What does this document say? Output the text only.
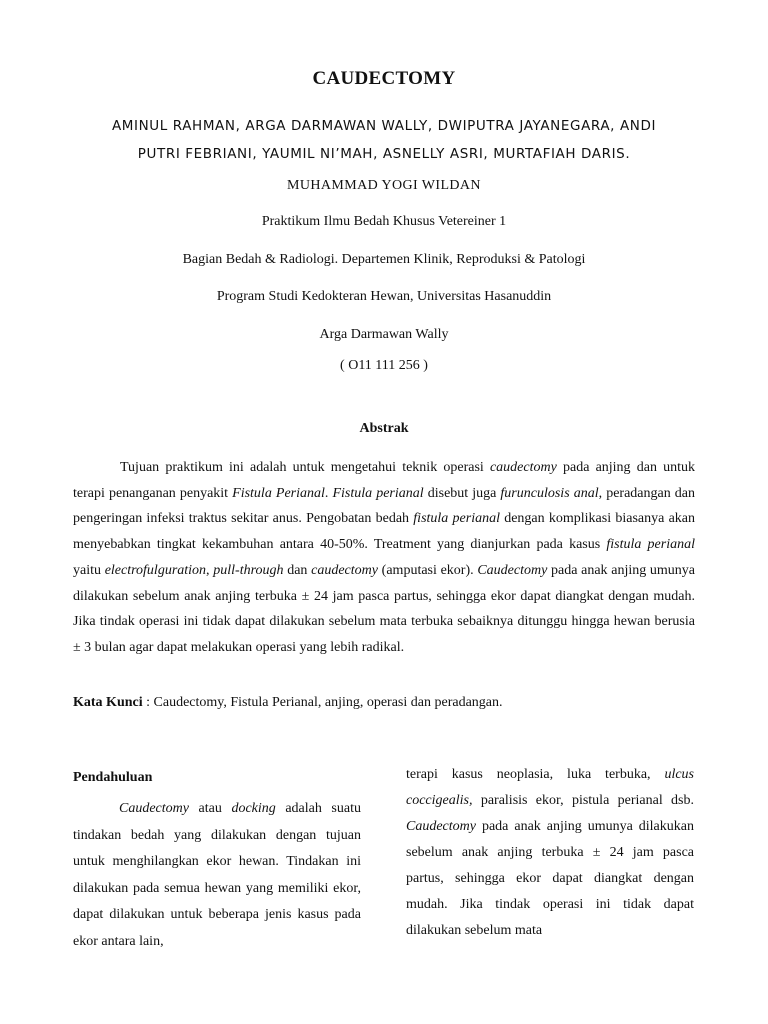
CAUDECTOMY
AMINUL RAHMAN, ARGA DARMAWAN WALLY, DWIPUTRA JAYANEGARA, ANDI
PUTRI FEBRIANI, YAUMIL NI’MAH, ASNELLY ASRI, MURTAFIAH DARIS.
MUHAMMAD YOGI WILDAN
Praktikum Ilmu Bedah Khusus Vetereiner 1
Bagian Bedah & Radiologi. Departemen Klinik, Reproduksi & Patologi
Program Studi Kedokteran Hewan, Universitas Hasanuddin
Arga Darmawan Wally
( O11 111 256 )
Abstrak
Tujuan praktikum ini adalah untuk mengetahui teknik operasi caudectomy pada anjing dan untuk terapi penanganan penyakit Fistula Perianal. Fistula perianal disebut juga furunculosis anal, peradangan dan pengeringan infeksi traktus sekitar anus. Pengobatan bedah fistula perianal dengan komplikasi biasanya akan menyebabkan tingkat kekambuhan antara 40-50%. Treatment yang dianjurkan pada kasus fistula perianal yaitu electrofulguration, pull-through dan caudectomy (amputasi ekor). Caudectomy pada anak anjing umunya dilakukan sebelum anak anjing terbuka ± 24 jam pasca partus, sehingga ekor dapat diangkat dengan mudah. Jika tindak operasi ini tidak dapat dilakukan sebelum mata terbuka sebaiknya ditunggu hingga hewan berusia ± 3 bulan agar dapat melakukan operasi yang lebih radikal.
Kata Kunci : Caudectomy, Fistula Perianal, anjing, operasi dan peradangan.
Pendahuluan

Caudectomy atau docking adalah suatu tindakan bedah yang dilakukan dengan tujuan untuk menghilangkan ekor hewan. Tindakan ini dilakukan pada semua hewan yang memiliki ekor, dapat dilakukan untuk beberapa jenis kasus pada ekor antara lain,

terapi kasus neoplasia, luka terbuka, ulcus coccigealis, paralisis ekor, pistula perianal dsb. Caudectomy pada anak anjing umunya dilakukan sebelum anak anjing terbuka ± 24 jam pasca partus, sehingga ekor dapat diangkat dengan mudah. Jika tindak operasi ini tidak dapat dilakukan sebelum mata
